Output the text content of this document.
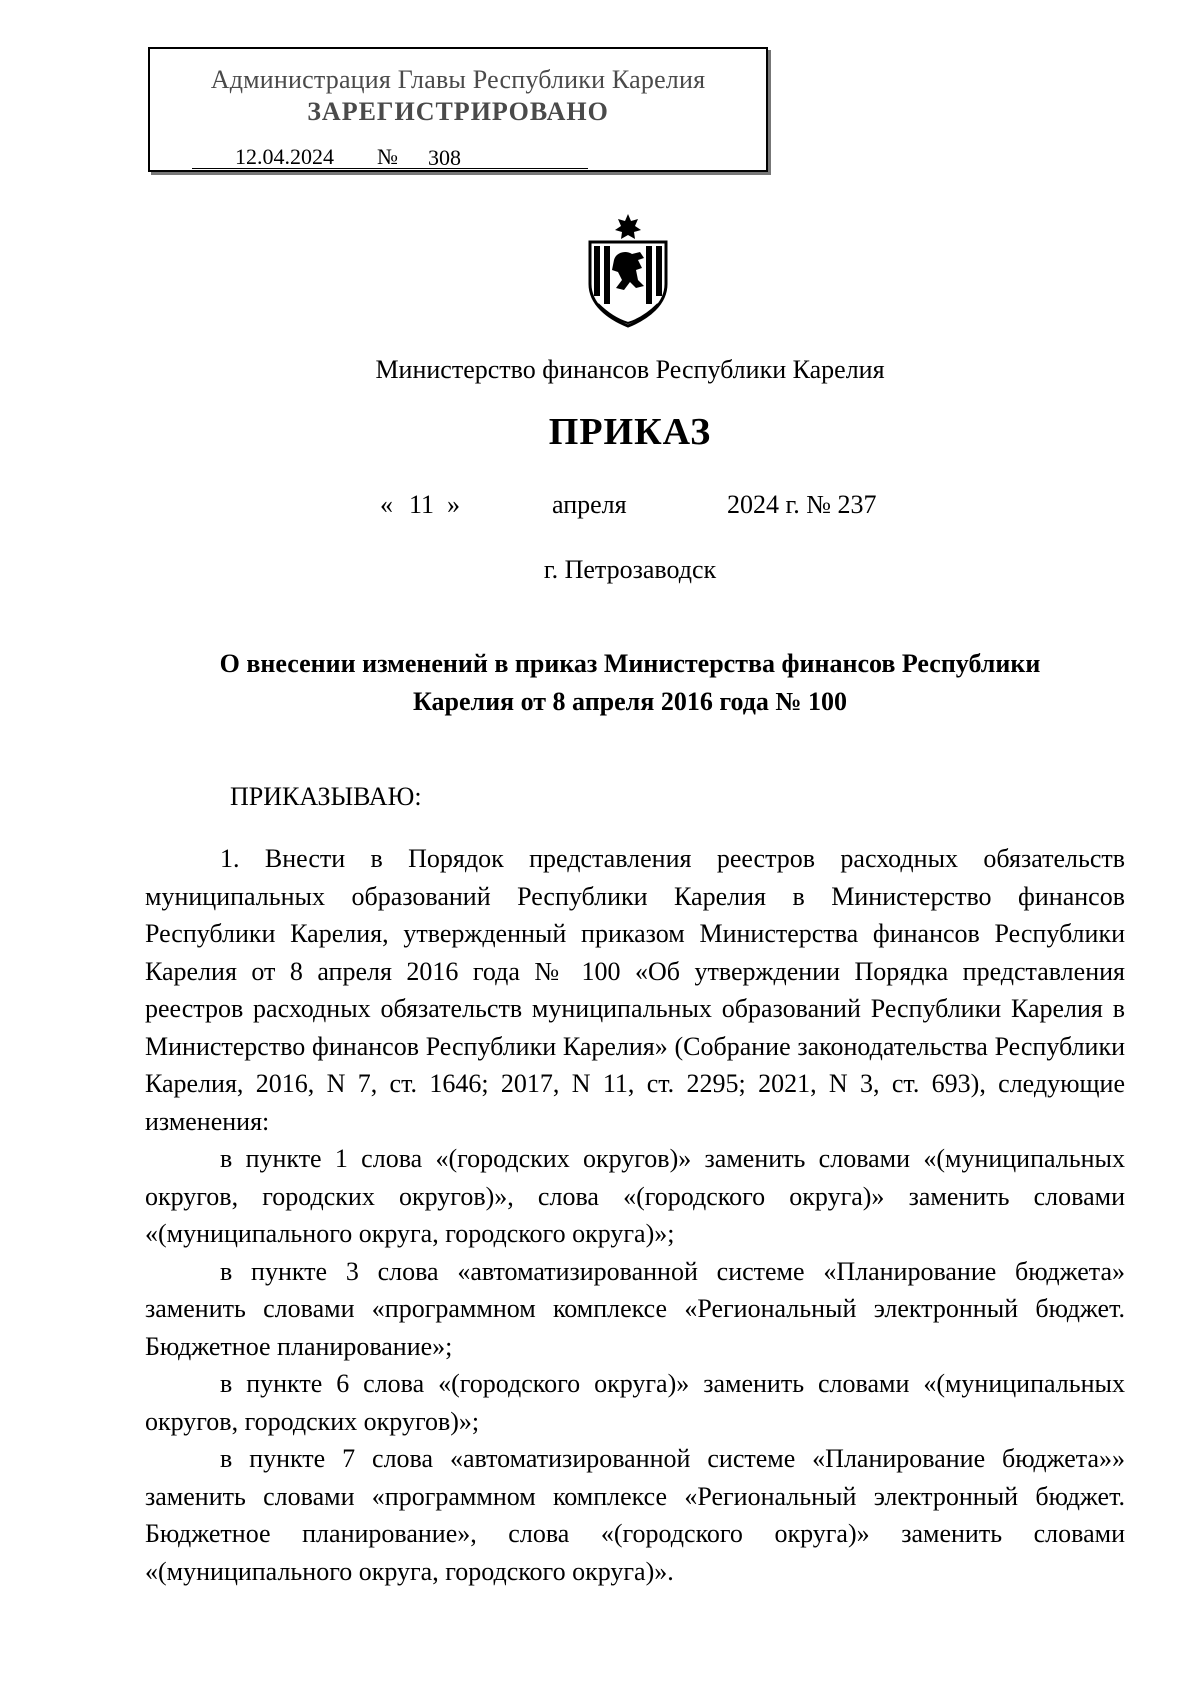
Администрация Главы Республики Карелия
ЗАРЕГИСТРИРОВАНО
12.04.2024 № 308
Министерство финансов Республики Карелия
ПРИКАЗ
« 11 »	апреля	2024 г. № 237
г. Петрозаводск
О внесении изменений в приказ Министерства финансов Республики Карелия от 8 апреля 2016 года № 100
ПРИКАЗЫВАЮ:

1. Внести в Порядок представления реестров расходных обязательств муниципальных образований Республики Карелия в Министерство финансов Республики Карелия, утвержденный приказом Министерства финансов Республики Карелия от 8 апреля 2016 года № 100 «Об утверждении Порядка представления реестров расходных обязательств муниципальных образований Республики Карелия в Министерство финансов Республики Карелия» (Собрание законодательства Республики Карелия, 2016, N 7, ст. 1646; 2017, N 11, ст. 2295; 2021, N 3, ст. 693), следующие изменения:

в пункте 1 слова «(городских округов)» заменить словами «(муниципальных округов, городских округов)», слова «(городского округа)» заменить словами «(муниципального округа, городского округа)»;

в пункте 3 слова «автоматизированной системе «Планирование бюджета» заменить словами «программном комплексе «Региональный электронный бюджет. Бюджетное планирование»;

в пункте 6 слова «(городского округа)» заменить словами «(муниципальных округов, городских округов)»;

в пункте 7 слова «автоматизированной системе «Планирование бюджета»» заменить словами «программном комплексе «Региональный электронный бюджет. Бюджетное планирование», слова «(городского округа)» заменить словами «(муниципального округа, городского округа)».
